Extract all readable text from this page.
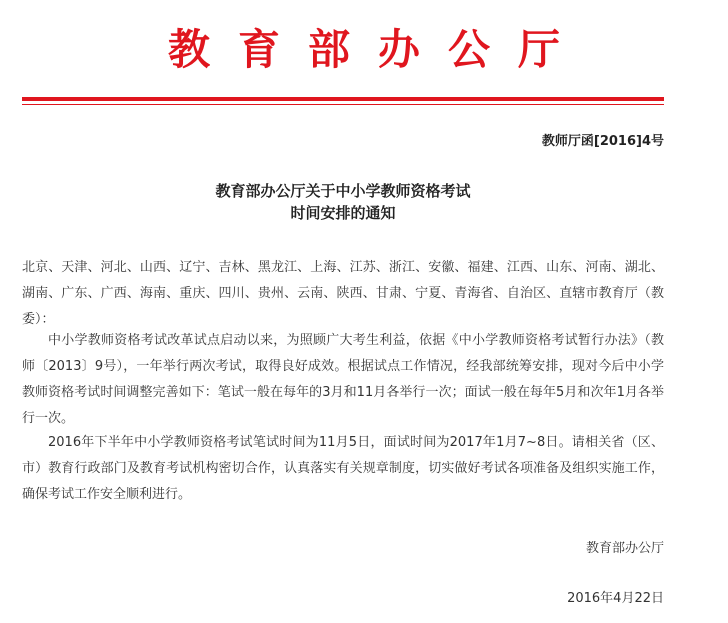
教育部办公厅
教师厅函[2016]4号
教育部办公厅关于中小学教师资格考试
时间安排的通知
北京、天津、河北、山西、辽宁、吉林、黑龙江、上海、江苏、浙江、安徽、福建、江西、山东、河南、湖北、湖南、广东、广西、海南、重庆、四川、贵州、云南、陕西、甘肃、宁夏、青海省、自治区、直辖市教育厅（教委）：
中小学教师资格考试改革试点启动以来，为照顾广大考生利益，依据《中小学教师资格考试暂行办法》（教师〔2013〕9号），一年举行两次考试，取得良好成效。根据试点工作情况，经我部统筹安排，现对今后中小学教师资格考试时间调整完善如下：笔试一般在每年的3月和11月各举行一次；面试一般在每年5月和次年1月各举行一次。
2016年下半年中小学教师资格考试笔试时间为11月5日，面试时间为2017年1月7~8日。请相关省（区、市）教育行政部门及教育考试机构密切合作，认真落实有关规章制度，切实做好考试各项准备及组织实施工作，确保考试工作安全顺利进行。
教育部办公厅
2016年4月22日
